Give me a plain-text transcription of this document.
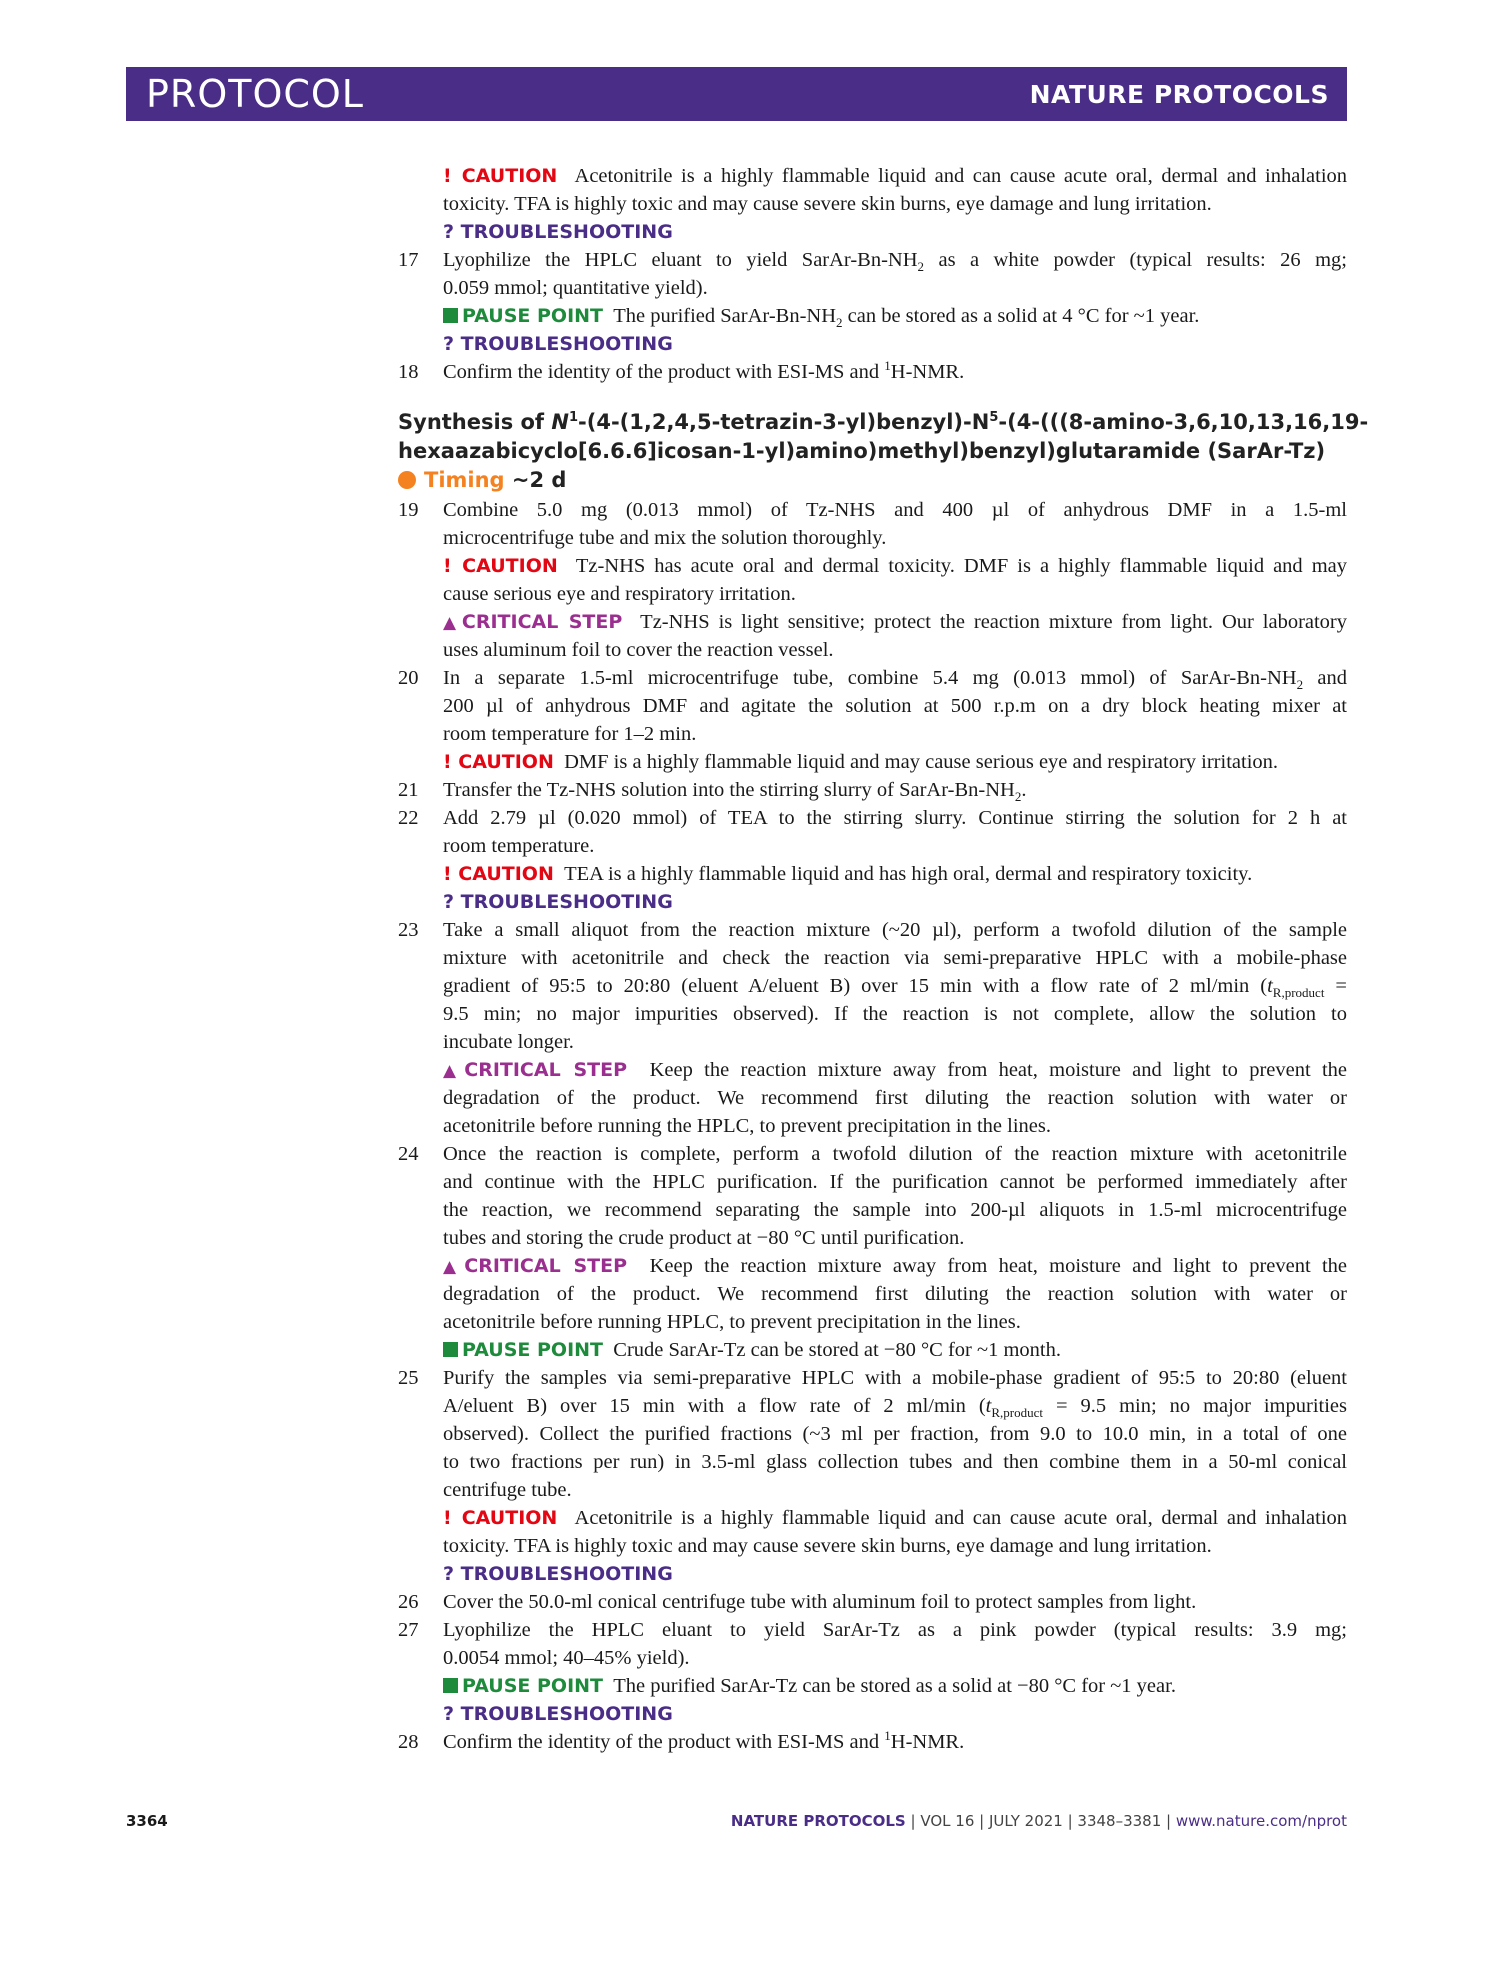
PROTOCOL	NATURE PROTOCOLS
! CAUTION Acetonitrile is a highly flammable liquid and can cause acute oral, dermal and inhalation
toxicity. TFA is highly toxic and may cause severe skin burns, eye damage and lung irritation.
? TROUBLESHOOTING
17 Lyophilize the HPLC eluant to yield SarAr-$Bn-NH_2$ as a white powder (typical results: 26 mg;
0.059 mmol; quantitative yield).
PAUSE POINT The purified SarAr-$Bn-NH_2$ can be stored as a solid at 4 °C for ~1 year.
? TROUBLESHOOTING
18 Confirm the identity of the product with ESI-MS and $^1$H-NMR.
Synthesis of $N^1-(4-(1,2,4,5-tetrazin-3-yl)benzyl)-N^5-(4-(((8-amino-3,6,10,13,16,19-$
hexaazabicyclo[6.6.6]icosan-1-yl)amino)methyl)benzyl)glutaramide (SarAr-Tz)
Timing ~2 d
19 Combine 5.0 mg (0.013 mmol) of Tz-NHS and 400 µl of anhydrous DMF in a 1.5-ml
microcentrifuge tube and mix the solution thoroughly.
! CAUTION Tz-NHS has acute oral and dermal toxicity. DMF is a highly flammable liquid and may
cause serious eye and respiratory irritation.
▲ CRITICAL STEP Tz-NHS is light sensitive; protect the reaction mixture from light. Our laboratory
uses aluminum foil to cover the reaction vessel.
20 In a separate 1.5-ml microcentrifuge tube, combine 5.4 mg (0.013 mmol) of SarAr-$Bn-NH_2$ and
200 µl of anhydrous DMF and agitate the solution at 500 r.p.m on a dry block heating mixer at
room temperature for 1–2 min.
! CAUTION DMF is a highly flammable liquid and may cause serious eye and respiratory irritation.
21 Transfer the Tz-NHS solution into the stirring slurry of SarAr-$Bn-NH_2$.
22 Add 2.79 µl (0.020 mmol) of TEA to the stirring slurry. Continue stirring the solution for 2 h at
room temperature.
! CAUTION TEA is a highly flammable liquid and has high oral, dermal and respiratory toxicity.
? TROUBLESHOOTING
23 Take a small aliquot from the reaction mixture (~20 µl), perform a twofold dilution of the sample
mixture with acetonitrile and check the reaction via semi-preparative HPLC with a mobile-phase
gradient of 95:5 to 20:80 (eluent A/eluent B) over 15 min with a flow rate of 2 ml/min ($t_{R,product}$ =
9.5 min; no major impurities observed). If the reaction is not complete, allow the solution to
incubate longer.
▲ CRITICAL STEP Keep the reaction mixture away from heat, moisture and light to prevent the
degradation of the product. We recommend first diluting the reaction solution with water or
acetonitrile before running the HPLC, to prevent precipitation in the lines.
24 Once the reaction is complete, perform a twofold dilution of the reaction mixture with acetonitrile
and continue with the HPLC purification. If the purification cannot be performed immediately after
the reaction, we recommend separating the sample into 200-µl aliquots in 1.5-ml microcentrifuge
tubes and storing the crude product at −80 °C until purification.
▲ CRITICAL STEP Keep the reaction mixture away from heat, moisture and light to prevent the
degradation of the product. We recommend first diluting the reaction solution with water or
acetonitrile before running HPLC, to prevent precipitation in the lines.
PAUSE POINT Crude SarAr-Tz can be stored at −80 °C for ~1 month.
25 Purify the samples via semi-preparative HPLC with a mobile-phase gradient of 95:5 to 20:80 (eluent
A/eluent B) over 15 min with a flow rate of 2 ml/min ($t_{R,product} = 9.5$ min; no major impurities
observed). Collect the purified fractions (~3 ml per fraction, from 9.0 to 10.0 min, in a total of one
to two fractions per run) in 3.5-ml glass collection tubes and then combine them in a 50-ml conical
centrifuge tube.
! CAUTION Acetonitrile is a highly flammable liquid and can cause acute oral, dermal and inhalation
toxicity. TFA is highly toxic and may cause severe skin burns, eye damage and lung irritation.
? TROUBLESHOOTING
26 Cover the 50.0-ml conical centrifuge tube with aluminum foil to protect samples from light.
27 Lyophilize the HPLC eluant to yield SarAr-Tz as a pink powder (typical results: 3.9 mg;
0.0054 mmol; 40–45% yield).
PAUSE POINT The purified SarAr-Tz can be stored as a solid at −80 °C for ~1 year.
? TROUBLESHOOTING
28 Confirm the identity of the product with ESI-MS and $^1$H-NMR.
3364	NATURE PROTOCOLS | VOL 16 | JULY 2021 | 3348–3381 | www.nature.com/nprot
